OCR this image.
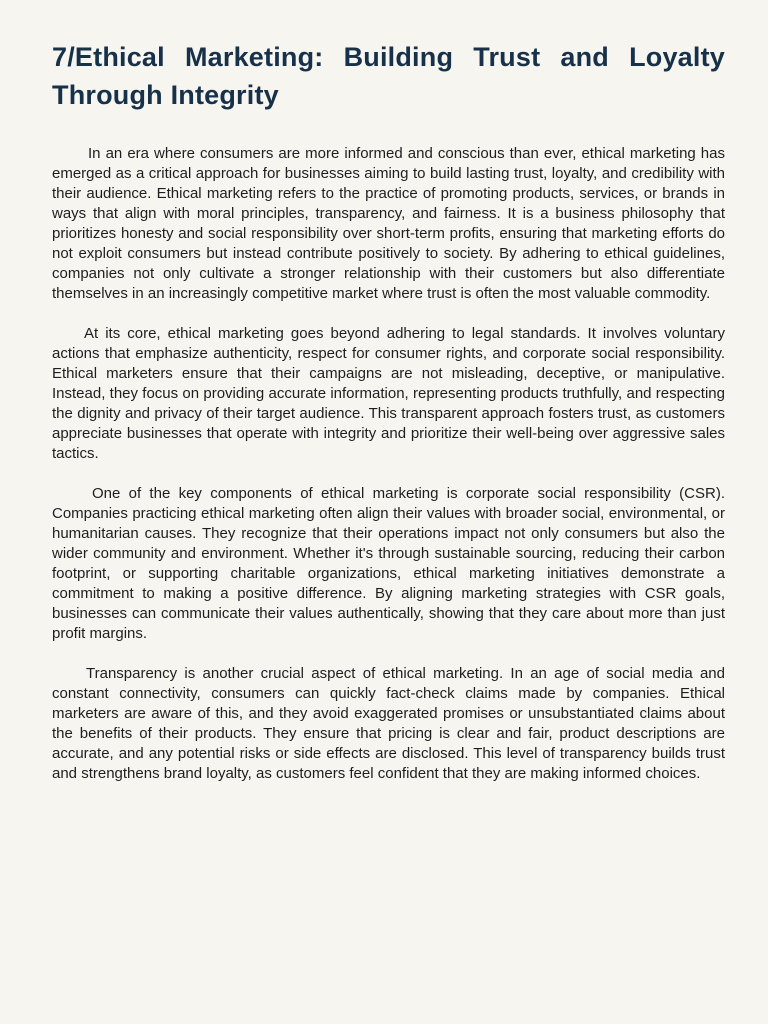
7/Ethical Marketing: Building Trust and Loyalty Through Integrity

In an era where consumers are more informed and conscious than ever, ethical marketing has emerged as a critical approach for businesses aiming to build lasting trust, loyalty, and credibility with their audience. Ethical marketing refers to the practice of promoting products, services, or brands in ways that align with moral principles, transparency, and fairness. It is a business philosophy that prioritizes honesty and social responsibility over short-term profits, ensuring that marketing efforts do not exploit consumers but instead contribute positively to society. By adhering to ethical guidelines, companies not only cultivate a stronger relationship with their customers but also differentiate themselves in an increasingly competitive market where trust is often the most valuable commodity.

At its core, ethical marketing goes beyond adhering to legal standards. It involves voluntary actions that emphasize authenticity, respect for consumer rights, and corporate social responsibility. Ethical marketers ensure that their campaigns are not misleading, deceptive, or manipulative. Instead, they focus on providing accurate information, representing products truthfully, and respecting the dignity and privacy of their target audience. This transparent approach fosters trust, as customers appreciate businesses that operate with integrity and prioritize their well-being over aggressive sales tactics.

One of the key components of ethical marketing is corporate social responsibility (CSR). Companies practicing ethical marketing often align their values with broader social, environmental, or humanitarian causes. They recognize that their operations impact not only consumers but also the wider community and environment. Whether it's through sustainable sourcing, reducing their carbon footprint, or supporting charitable organizations, ethical marketing initiatives demonstrate a commitment to making a positive difference. By aligning marketing strategies with CSR goals, businesses can communicate their values authentically, showing that they care about more than just profit margins.

Transparency is another crucial aspect of ethical marketing. In an age of social media and constant connectivity, consumers can quickly fact-check claims made by companies. Ethical marketers are aware of this, and they avoid exaggerated promises or unsubstantiated claims about the benefits of their products. They ensure that pricing is clear and fair, product descriptions are accurate, and any potential risks or side effects are disclosed. This level of transparency builds trust and strengthens brand loyalty, as customers feel confident that they are making informed choices.
